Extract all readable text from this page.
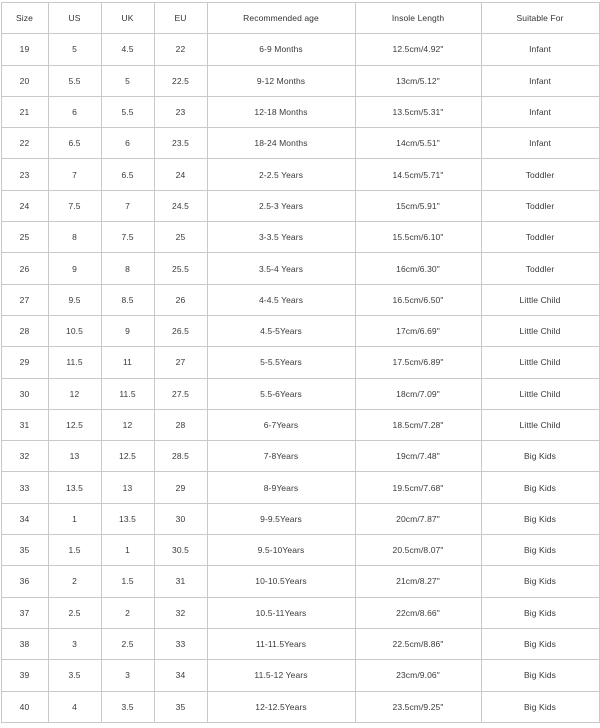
Size	US	UK	EU	Recommended age	Insole Length	Suitable For
19	5	4.5	22	6-9 Months	12.5cm/4.92"	Infant
20	5.5	5	22.5	9-12 Months	13cm/5.12"	Infant
21	6	5.5	23	12-18 Months	13.5cm/5.31"	Infant
22	6.5	6	23.5	18-24 Months	14cm/5.51"	Infant
23	7	6.5	24	2-2.5 Years	14.5cm/5.71"	Toddler
24	7.5	7	24.5	2.5-3 Years	15cm/5.91"	Toddler
25	8	7.5	25	3-3.5 Years	15.5cm/6.10"	Toddler
26	9	8	25.5	3.5-4 Years	16cm/6.30"	Toddler
27	9.5	8.5	26	4-4.5 Years	16.5cm/6.50"	Little Child
28	10.5	9	26.5	4.5-5Years	17cm/6.69"	Little Child
29	11.5	11	27	5-5.5Years	17.5cm/6.89"	Little Child
30	12	11.5	27.5	5.5-6Years	18cm/7.09"	Little Child
31	12.5	12	28	6-7Years	18.5cm/7.28"	Little Child
32	13	12.5	28.5	7-8Years	19cm/7.48"	Big Kids
33	13.5	13	29	8-9Years	19.5cm/7.68"	Big Kids
34	1	13.5	30	9-9.5Years	20cm/7.87"	Big Kids
35	1.5	1	30.5	9.5-10Years	20.5cm/8.07"	Big Kids
36	2	1.5	31	10-10.5Years	21cm/8.27"	Big Kids
37	2.5	2	32	10.5-11Years	22cm/8.66"	Big Kids
38	3	2.5	33	11-11.5Years	22.5cm/8.86"	Big Kids
39	3.5	3	34	11.5-12 Years	23cm/9.06"	Big Kids
40	4	3.5	35	12-12.5Years	23.5cm/9.25"	Big Kids
